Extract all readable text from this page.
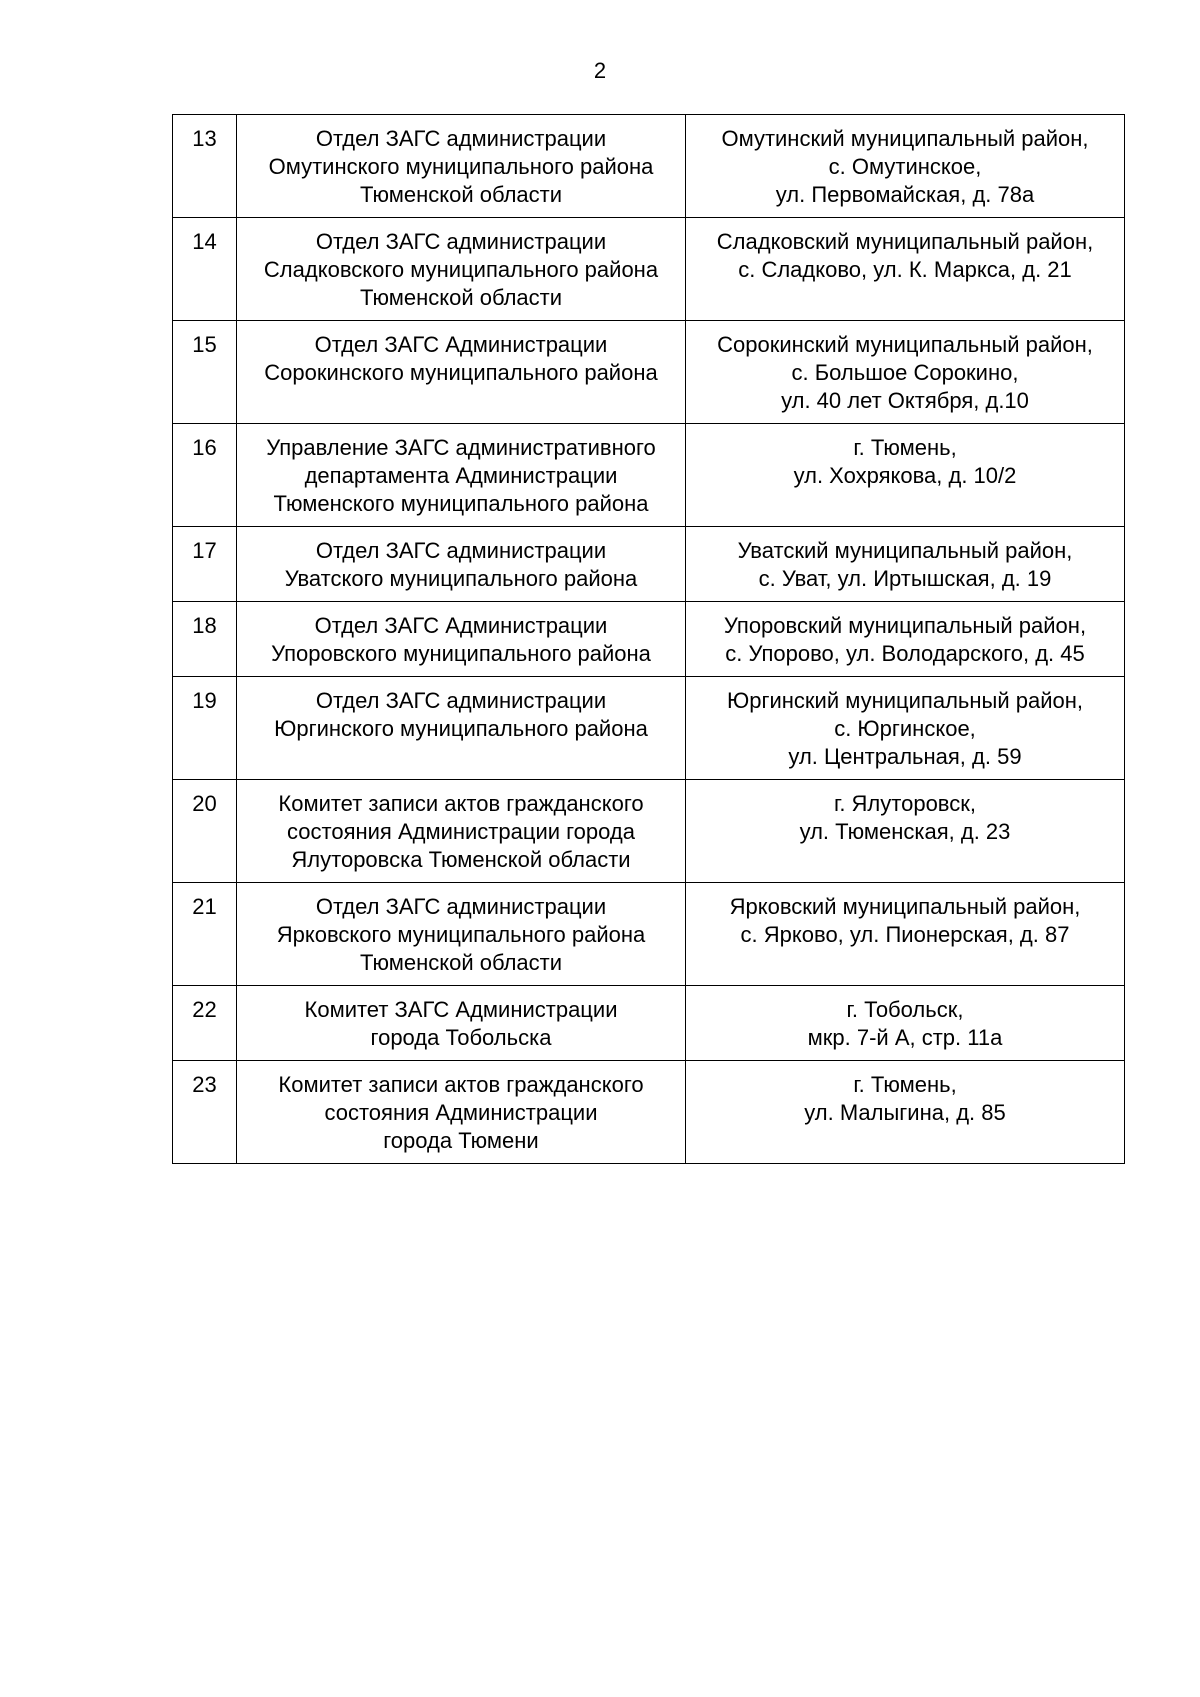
2
13	Отдел ЗАГС администрации
Омутинского муниципального района
Тюменской области	Омутинский муниципальный район,
с. Омутинское,
ул. Первомайская, д. 78а

14	Отдел ЗАГС администрации
Сладковского муниципального района
Тюменской области	Сладковский муниципальный район,
с. Сладково, ул. К. Маркса, д. 21

15	Отдел ЗАГС Администрации
Сорокинского муниципального района	Сорокинский муниципальный район,
с. Большое Сорокино,
ул. 40 лет Октября, д.10

16	Управление ЗАГС административного
департамента Администрации
Тюменского муниципального района	г. Тюмень,
ул. Хохрякова, д. 10/2

17	Отдел ЗАГС администрации
Уватского муниципального района	Уватский муниципальный район,
с. Уват, ул. Иртышская, д. 19

18	Отдел ЗАГС Администрации
Упоровского муниципального района	Упоровский муниципальный район,
с. Упорово, ул. Володарского, д. 45

19	Отдел ЗАГС администрации
Юргинского муниципального района	Юргинский муниципальный район,
с. Юргинское,
ул. Центральная, д. 59

20	Комитет записи актов гражданского
состояния Администрации города
Ялуторовска Тюменской области	г. Ялуторовск,
ул. Тюменская, д. 23

21	Отдел ЗАГС администрации
Ярковского муниципального района
Тюменской области	Ярковский муниципальный район,
с. Ярково, ул. Пионерская, д. 87

22	Комитет ЗАГС Администрации
города Тобольска	г. Тобольск,
мкр. 7-й А, стр. 11а

23	Комитет записи актов гражданского
состояния Администрации
города Тюмени	г. Тюмень,
ул. Малыгина, д. 85
